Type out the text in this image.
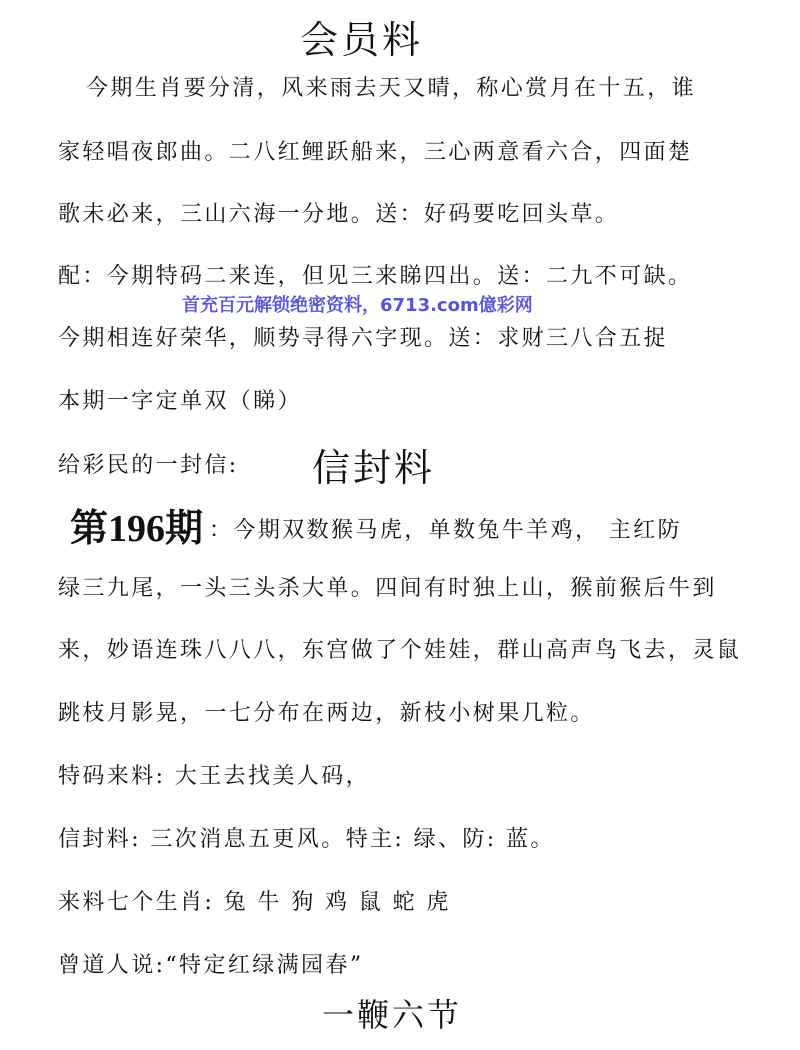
会员料
今期生肖要分清，风来雨去天又晴，称心赏月在十五，谁
家轻唱夜郎曲。二八红鲤跃船来，三心两意看六合，四面楚
歌未必来，三山六海一分地。送：好码要吃回头草。
配：今期特码二来连，但见三来睇四出。送：二九不可缺。
首充百元解锁绝密资料，6713.com億彩网
今期相连好荣华，顺势寻得六字现。送：求财三八合五捉
本期一字定单双（睇）
给彩民的一封信: 信封料
第196期 ：今期双数猴马虎，单数兔牛羊鸡， 主红防
绿三九尾，一头三头杀大单。四间有时独上山，猴前猴后牛到
来，妙语连珠八八八，东宫做了个娃娃，群山高声鸟飞去，灵鼠
跳枝月影晃，一七分布在两边，新枝小树果几粒。
特码来料: 大王去找美人码，
信封料: 三次消息五更风。特主: 绿、防: 蓝。
来料七个生肖: 兔 牛 狗 鸡 鼠 蛇 虎
曾道人说:“特定红绿满园春”
一鞭六节
